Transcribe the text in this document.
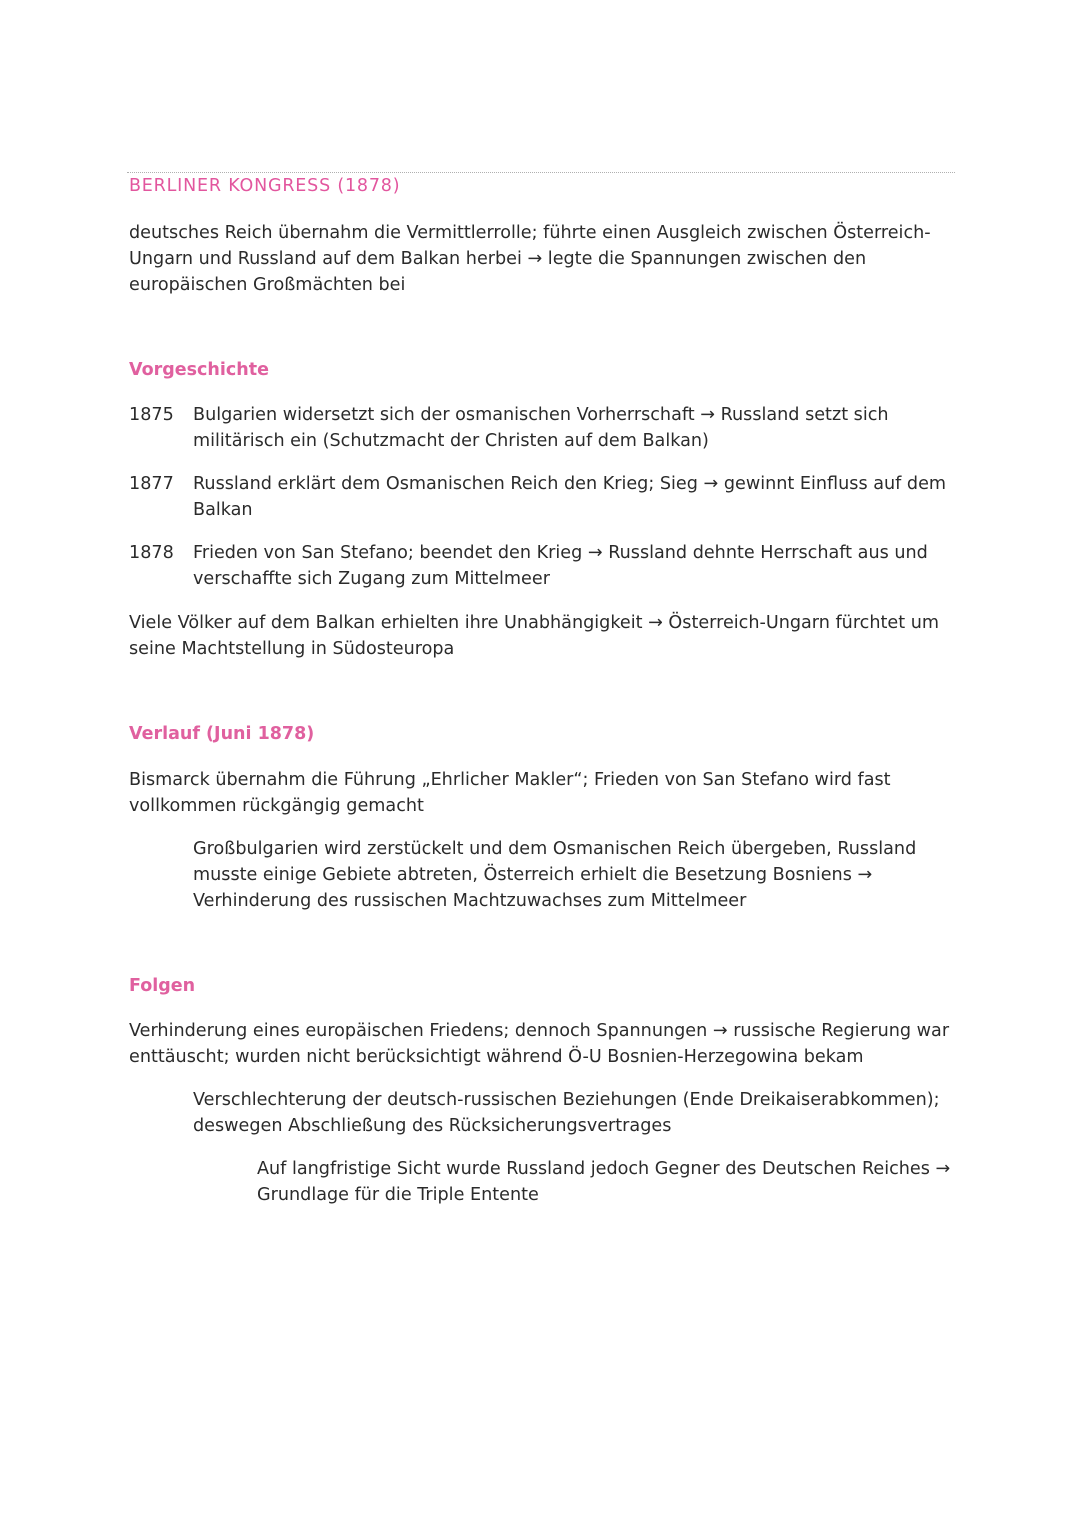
BERLINER KONGRESS (1878)
deutsches Reich übernahm die Vermittlerrolle; führte einen Ausgleich zwischen Österreich-
Ungarn und Russland auf dem Balkan herbei → legte die Spannungen zwischen den
europäischen Großmächten bei
Vorgeschichte
1875 Bulgarien widersetzt sich der osmanischen Vorherrschaft → Russland setzt sich
militärisch ein (Schutzmacht der Christen auf dem Balkan)
1877 Russland erklärt dem Osmanischen Reich den Krieg; Sieg → gewinnt Einfluss auf dem
Balkan
1878 Frieden von San Stefano; beendet den Krieg → Russland dehnte Herrschaft aus und
verschaffte sich Zugang zum Mittelmeer
Viele Völker auf dem Balkan erhielten ihre Unabhängigkeit → Österreich-Ungarn fürchtet um
seine Machtstellung in Südosteuropa
Verlauf (Juni 1878)
Bismarck übernahm die Führung „Ehrlicher Makler“; Frieden von San Stefano wird fast
vollkommen rückgängig gemacht
Großbulgarien wird zerstückelt und dem Osmanischen Reich übergeben, Russland
musste einige Gebiete abtreten, Österreich erhielt die Besetzung Bosniens →
Verhinderung des russischen Machtzuwachses zum Mittelmeer
Folgen
Verhinderung eines europäischen Friedens; dennoch Spannungen → russische Regierung war
enttäuscht; wurden nicht berücksichtigt während Ö-U Bosnien-Herzegowina bekam
Verschlechterung der deutsch-russischen Beziehungen (Ende Dreikaiserabkommen);
deswegen Abschließung des Rücksicherungsvertrages
Auf langfristige Sicht wurde Russland jedoch Gegner des Deutschen Reiches →
Grundlage für die Triple Entente
